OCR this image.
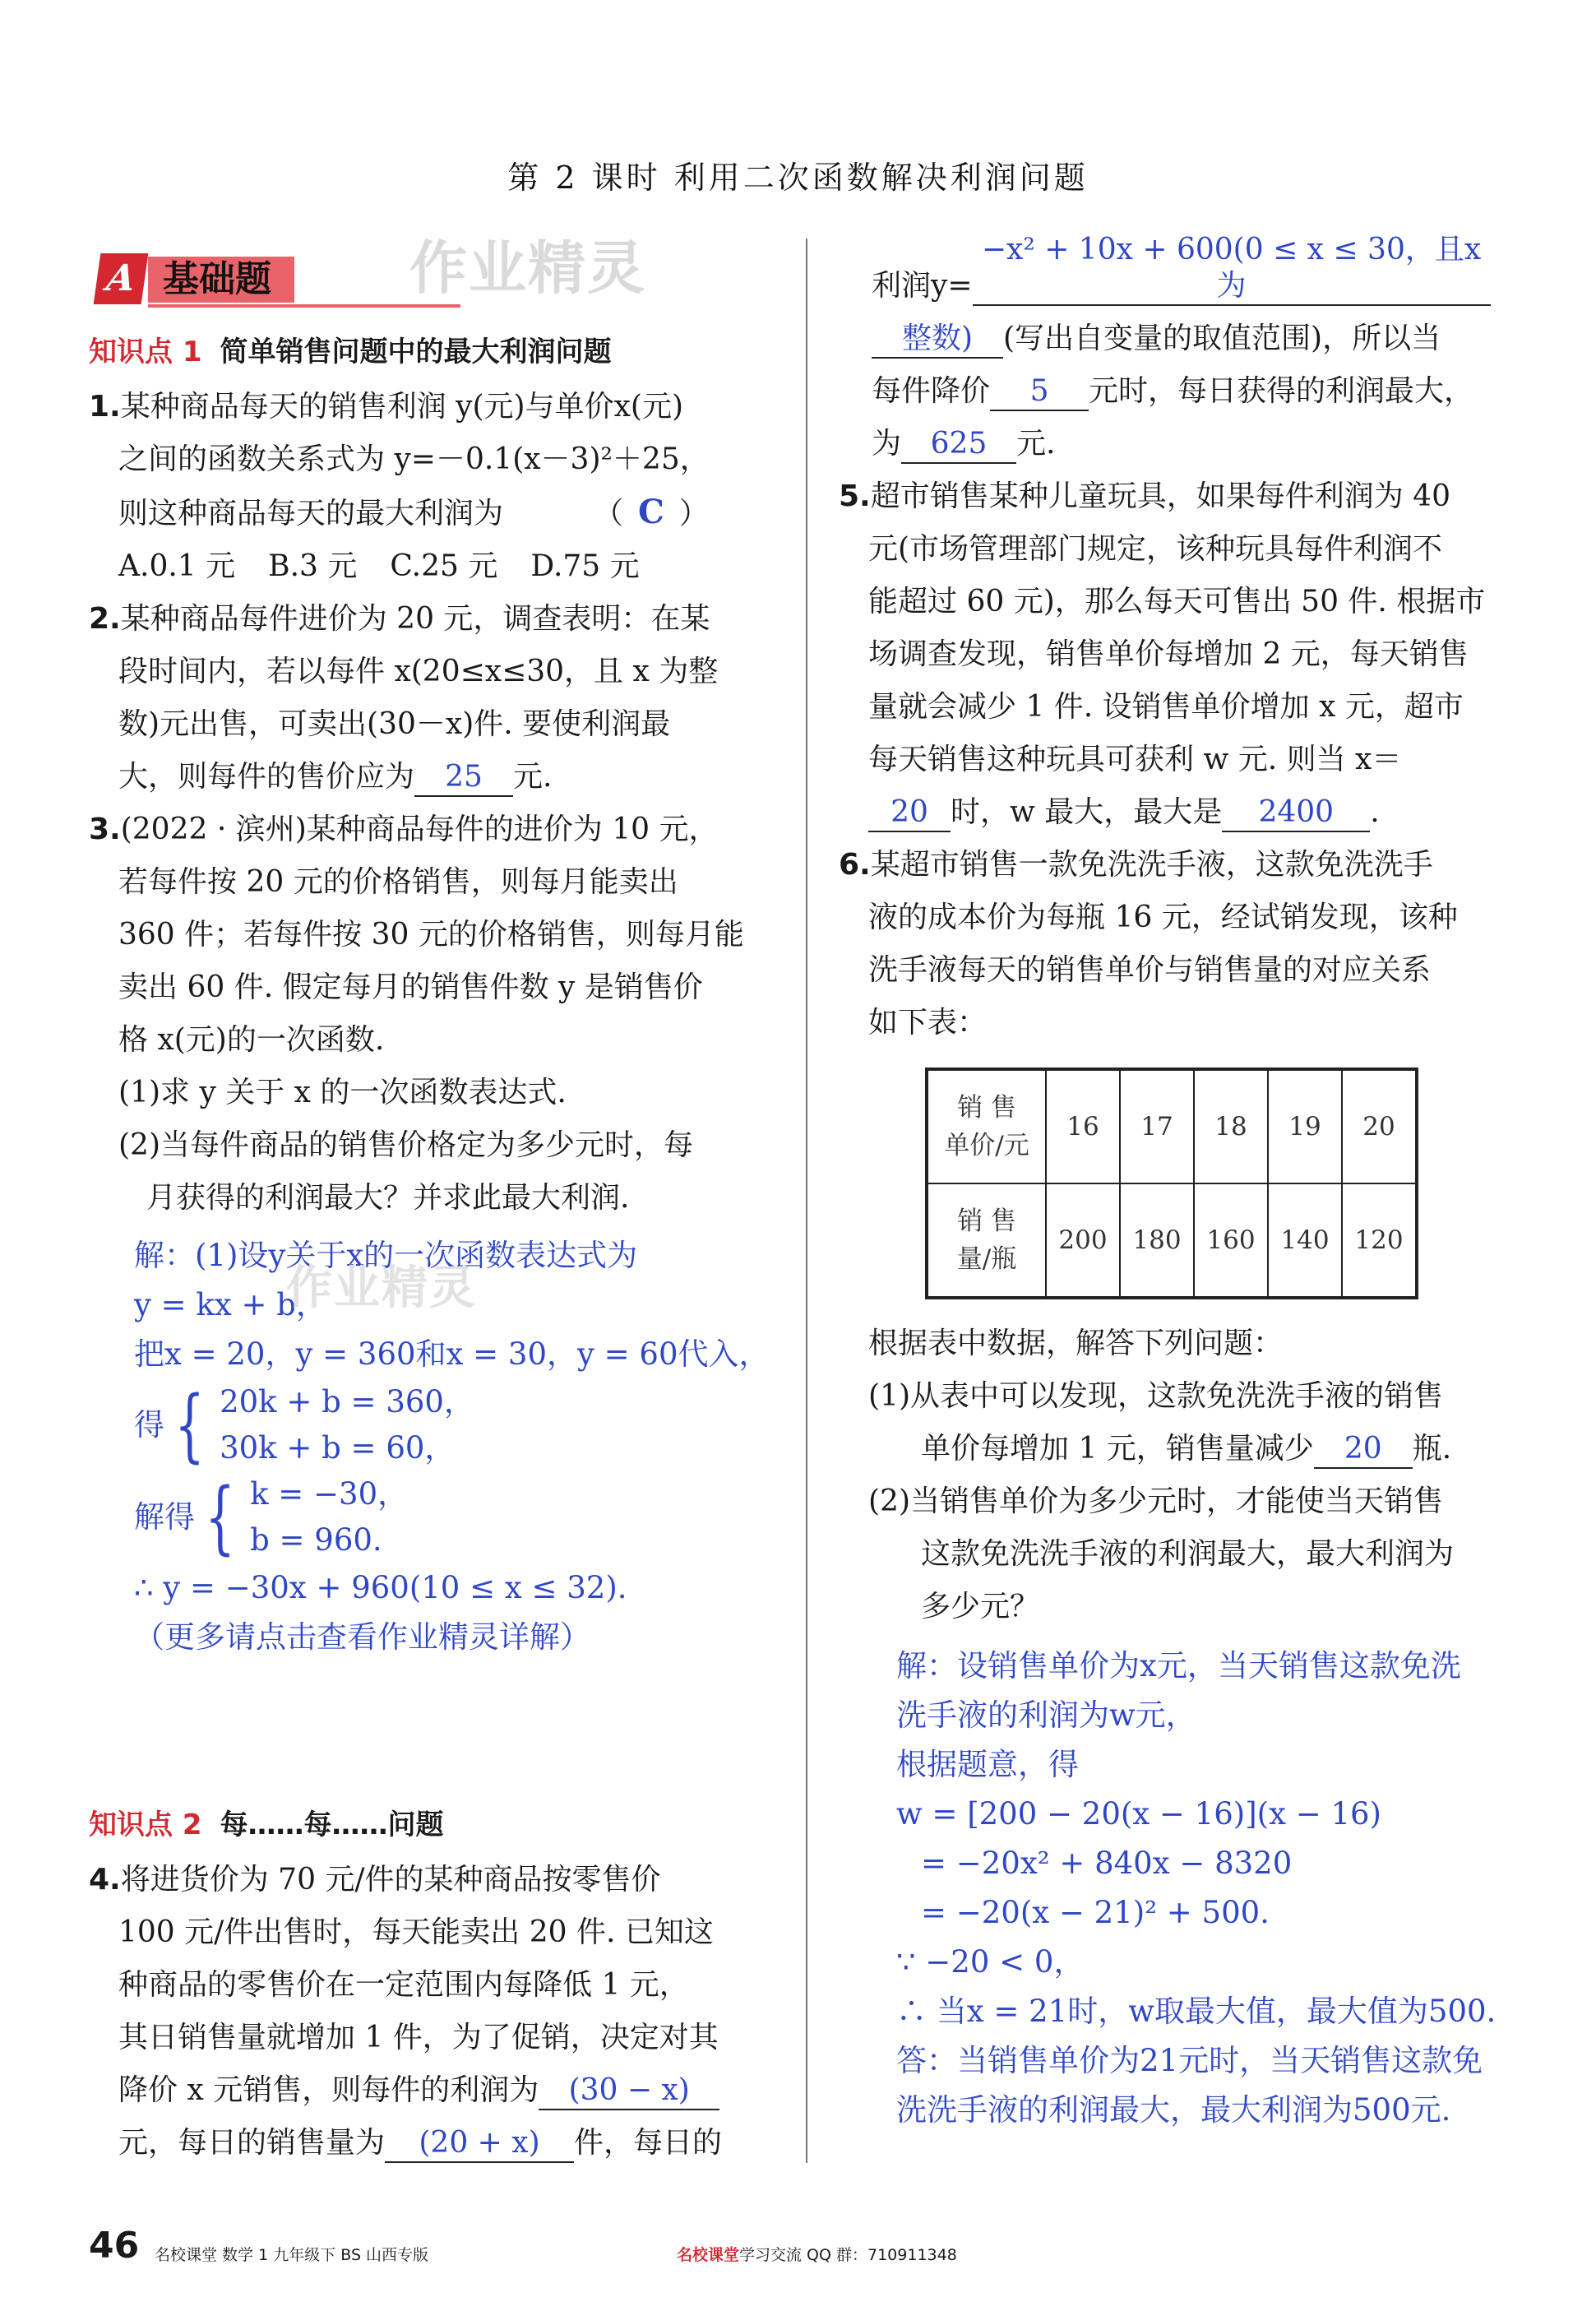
第 2 课时 利用二次函数解决利润问题
A 基础题	作业精灵
知识点 1 简单销售问题中的最大利润问题

1.某种商品每天的销售利润 y(元)与单价x(元)

之间的函数关系式为 y=－0.1(x－3)²＋25，

则这种商品每天的最大利润为	（ C ）

A.0.1 元 B.3 元 C.25 元 D.75 元

2.某种商品每件进价为 20 元，调查表明：在某

段时间内，若以每件 x(20≤x≤30，且 x 为整

数)元出售，可卖出(30－x)件. 要使利润最

大，则每件的售价应为 25 元.

3.(2022 · 滨州)某种商品每件的进价为 10 元，

若每件按 20 元的价格销售，则每月能卖出

360 件；若每件按 30 元的价格销售，则每月能

卖出 60 件. 假定每月的销售件数 y 是销售价

格 x(元)的一次函数.

(1)求 y 关于 x 的一次函数表达式.

(2)当每件商品的销售价格定为多少元时，每

月获得的利润最大？并求此最大利润.

作业精灵
解：(1)设y关于x的一次函数表达式为
y = kx + b，
把x = 20，y = 360和x = 30，y = 60代入，
得 { 20k + b = 360，
30k + b = 60，
解得 { k = −30，
b = 960.
∴ y = −30x + 960(10 ≤ x ≤ 32).
（更多请点击查看作业精灵详解）
知识点 2 每……每……问题

4.将进货价为 70 元/件的某种商品按零售价

100 元/件出售时，每天能卖出 20 件. 已知这

种商品的零售价在一定范围内每降低 1 元，

其日销售量就增加 1 件，为了促销，决定对其

降价 x 元销售，则每件的利润为 (30 − x)

元，每日的销售量为 (20 + x) 件，每日的

利润y=−x² + 10x + 600(0 ≤ x ≤ 30，且x为

整数) (写出自变量的取值范围)，所以当

每件降价 5 元时，每日获得的利润最大，

为 625 元.

5.超市销售某种儿童玩具，如果每件利润为 40

元(市场管理部门规定，该种玩具每件利润不

能超过 60 元)，那么每天可售出 50 件. 根据市

场调查发现，销售单价每增加 2 元，每天销售

量就会减少 1 件. 设销售单价增加 x 元，超市

每天销售这种玩具可获利 w 元. 则当 x＝

20 时，w 最大，最大是 2400 .

6.某超市销售一款免洗洗手液，这款免洗洗手

液的成本价为每瓶 16 元，经试销发现，该种

洗手液每天的销售单价与销售量的对应关系

如下表：

销 售
单价/元	16	17	18	19	20
销 售
量/瓶	200	180	160	140	120

根据表中数据，解答下列问题：

(1)从表中可以发现，这款免洗洗手液的销售

单价每增加 1 元，销售量减少 20 瓶.

(2)当销售单价为多少元时，才能使当天销售

这款免洗洗手液的利润最大，最大利润为

多少元？

解：设销售单价为x元，当天销售这款免洗
洗手液的利润为w元，
根据题意，得
w = [200 − 20(x − 16)](x − 16)
= −20x² + 840x − 8320
= −20(x − 21)² + 500.
∵ −20 < 0，
∴ 当x = 21时，w取最大值，最大值为500.
答：当销售单价为21元时，当天销售这款免
洗洗手液的利润最大，最大利润为500元.
46 名校课堂 数学 1 九年级下 BS 山西专版	名校课堂学习交流 QQ 群：710911348
